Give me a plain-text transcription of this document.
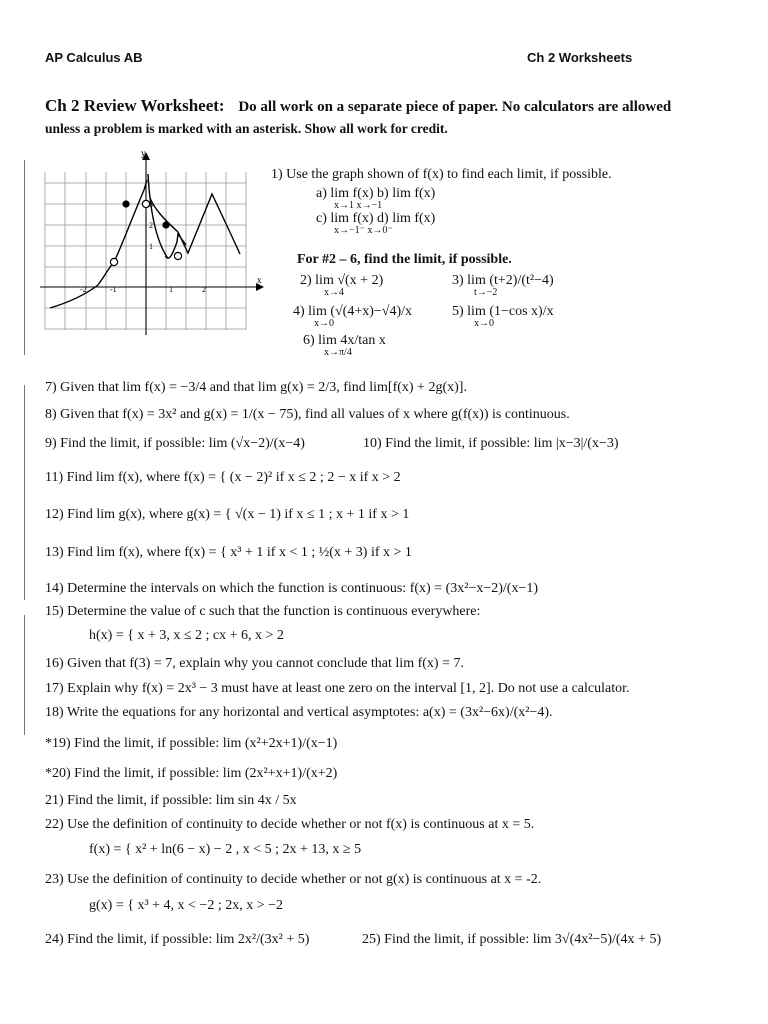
AP Calculus AB	Ch 2 Worksheets
Ch 2 Review Worksheet: Do all work on a separate piece of paper. No calculators are allowed
unless a problem is marked with an asterisk. Show all work for credit.
x
y
-2	-1	1	2
2
3
1
1) Use the graph shown of f(x) to find each limit, if possible.
a) lim f(x) b) lim f(x)
x→1 x→−1
c) lim f(x) d) lim f(x)
x→−1⁻ x→0⁻
For #2 – 6, find the limit, if possible.
2) lim √(x + 2)
x→4
3) lim (t+2)/(t²−4)
t→−2
4) lim (√(4+x)−√4)/x
x→0
5) lim (1−cos x)/x
x→0
6) lim 4x/tan x
x→π/4
7) Given that lim f(x) = −3/4 and that lim g(x) = 2/3, find lim[f(x) + 2g(x)].
8) Given that f(x) = 3x² and g(x) = 1/(x − 75), find all values of x where g(f(x)) is continuous.
9) Find the limit, if possible: lim (√x−2)/(x−4)	10) Find the limit, if possible: lim |x−3|/(x−3)
11) Find lim f(x), where f(x) = { (x − 2)² if x ≤ 2 ; 2 − x if x > 2
12) Find lim g(x), where g(x) = { √(x − 1) if x ≤ 1 ; x + 1 if x > 1
13) Find lim f(x), where f(x) = { x³ + 1 if x < 1 ; ½(x + 3) if x > 1
14) Determine the intervals on which the function is continuous: f(x) = (3x²−x−2)/(x−1)
15) Determine the value of c such that the function is continuous everywhere:
h(x) = { x + 3, x ≤ 2 ; cx + 6, x > 2
16) Given that f(3) = 7, explain why you cannot conclude that lim f(x) = 7.
17) Explain why f(x) = 2x³ − 3 must have at least one zero on the interval [1, 2]. Do not use a calculator.
18) Write the equations for any horizontal and vertical asymptotes: a(x) = (3x²−6x)/(x²−4).
*19) Find the limit, if possible: lim (x²+2x+1)/(x−1)
*20) Find the limit, if possible: lim (2x²+x+1)/(x+2)
21) Find the limit, if possible: lim sin 4x / 5x
22) Use the definition of continuity to decide whether or not f(x) is continuous at x = 5.
f(x) = { x² + ln(6 − x) − 2 , x < 5 ; 2x + 13, x ≥ 5
23) Use the definition of continuity to decide whether or not g(x) is continuous at x = -2.
g(x) = { x³ + 4, x < −2 ; 2x, x > −2
24) Find the limit, if possible: lim 2x²/(3x² + 5)	25) Find the limit, if possible: lim 3√(4x²−5)/(4x + 5)
